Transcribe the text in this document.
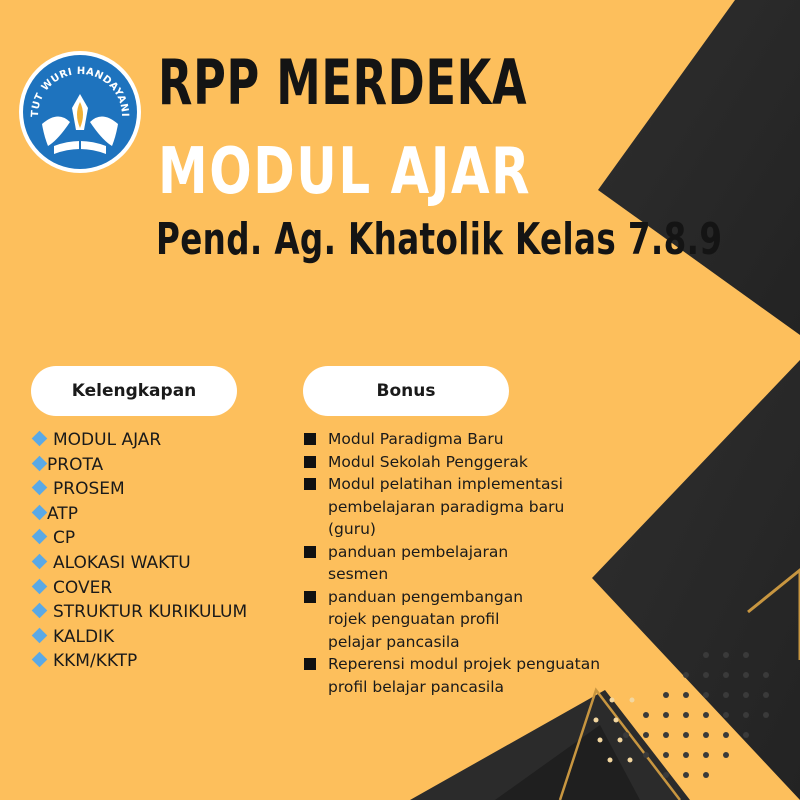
TUT WURI HANDAYANI RPP MERDEKA
MODUL AJAR
Pend. Ag. Khatolik Kelas 7.8.9
Kelengkapan	Bonus
MODUL AJAR
PROTA
PROSEM
ATP
CP
ALOKASI WAKTU
COVER
STRUKTUR KURIKULUM
KALDIK
KKM/KKTP
Modul Paradigma Baru
Modul Sekolah Penggerak
Modul pelatihan implementasi pembelajaran paradigma baru (guru)
panduan pembelajaran sesmen
panduan pengembangan rojek penguatan profil pelajar pancasila
Reperensi modul projek penguatan profil belajar pancasila
